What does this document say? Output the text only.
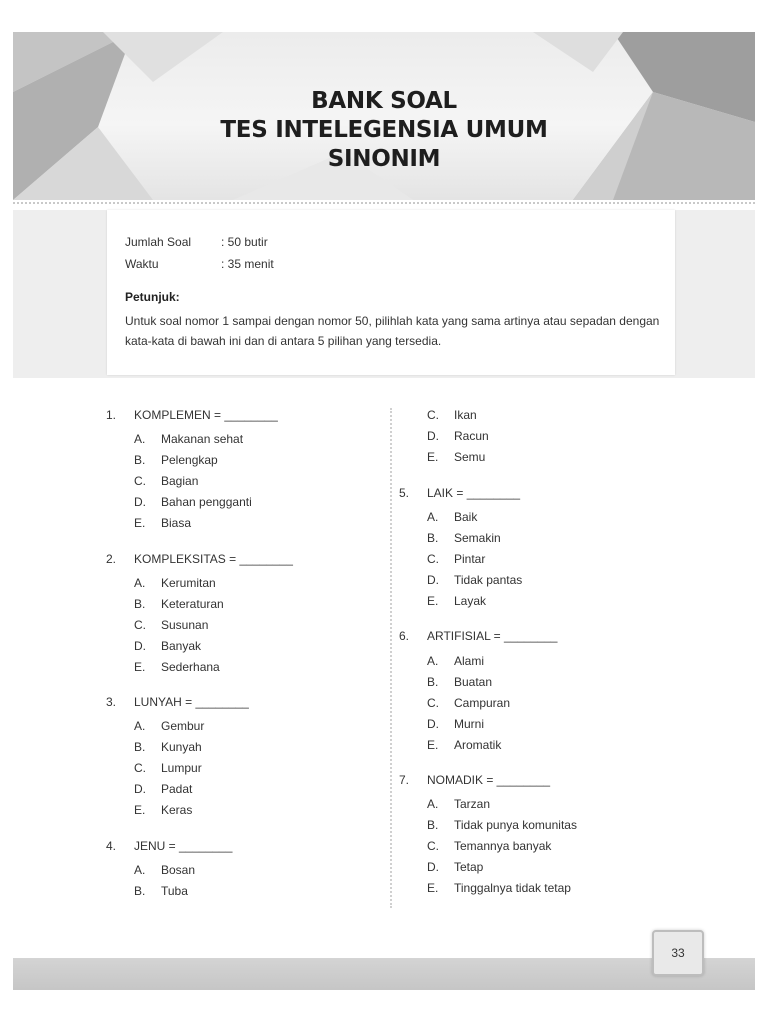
BANK SOAL
TES INTELEGENSIA UMUM
SINONIM
Jumlah Soal : 50 butir
Waktu	: 35 menit
Petunjuk:
Untuk soal nomor 1 sampai dengan nomor 50, pilihlah kata yang sama artinya atau sepadan dengan kata-kata di bawah ini dan di antara 5 pilihan yang tersedia.
1.	KOMPLEMEN = ________
A. Makanan sehat
B. Pelengkap
C. Bagian
D. Bahan pengganti
E. Biasa
2.	KOMPLEKSITAS = ________
A. Kerumitan
B. Keteraturan
C. Susunan
D. Banyak
E. Sederhana
3.	LUNYAH = ________
A. Gembur
B. Kunyah
C. Lumpur
D. Padat
E. Keras
4.	JENU = ________
A. Bosan
B. Tuba
C. Ikan
D. Racun
E. Semu
5.	LAIK = ________
A. Baik
B. Semakin
C. Pintar
D. Tidak pantas
E. Layak
6.	ARTIFISIAL = ________
A. Alami
B. Buatan
C. Campuran
D. Murni
E. Aromatik
7.	NOMADIK = ________
A. Tarzan
B. Tidak punya komunitas
C. Temannya banyak
D. Tetap
E. Tinggalnya tidak tetap
33
